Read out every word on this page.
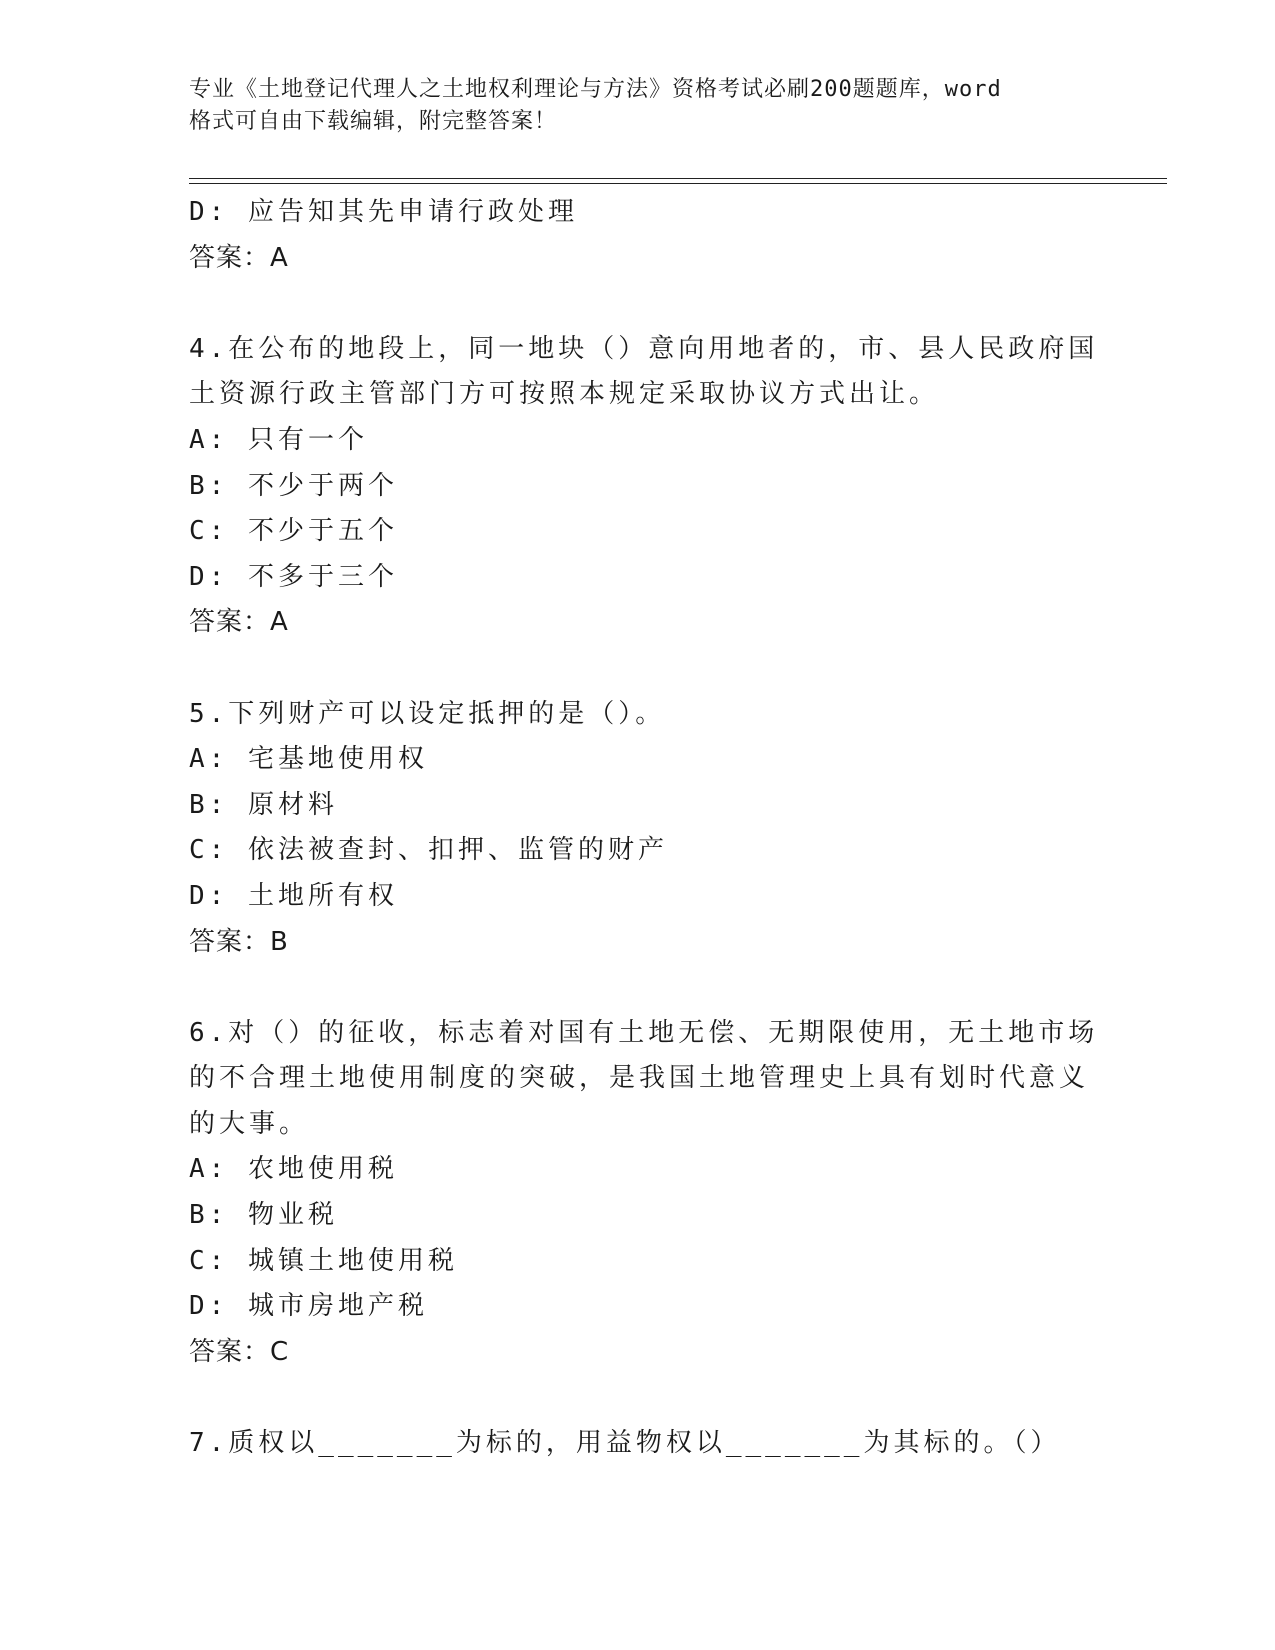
专业《土地登记代理人之土地权利理论与方法》资格考试必刷200题题库，word
格式可自由下载编辑，附完整答案！
D: 应告知其先申请行政处理
答案：A
4.在公布的地段上，同一地块（）意向用地者的，市、县人民政府国
土资源行政主管部门方可按照本规定采取协议方式出让。
A: 只有一个
B: 不少于两个
C: 不少于五个
D: 不多于三个
答案：A
5.下列财产可以设定抵押的是（）。
A: 宅基地使用权
B: 原材料
C: 依法被查封、扣押、监管的财产
D: 土地所有权
答案：B
6.对（）的征收，标志着对国有土地无偿、无期限使用，无土地市场
的不合理土地使用制度的突破，是我国土地管理史上具有划时代意义
的大事。
A: 农地使用税
B: 物业税
C: 城镇土地使用税
D: 城市房地产税
答案：C
7.质权以_______为标的，用益物权以_______为其标的。（）
